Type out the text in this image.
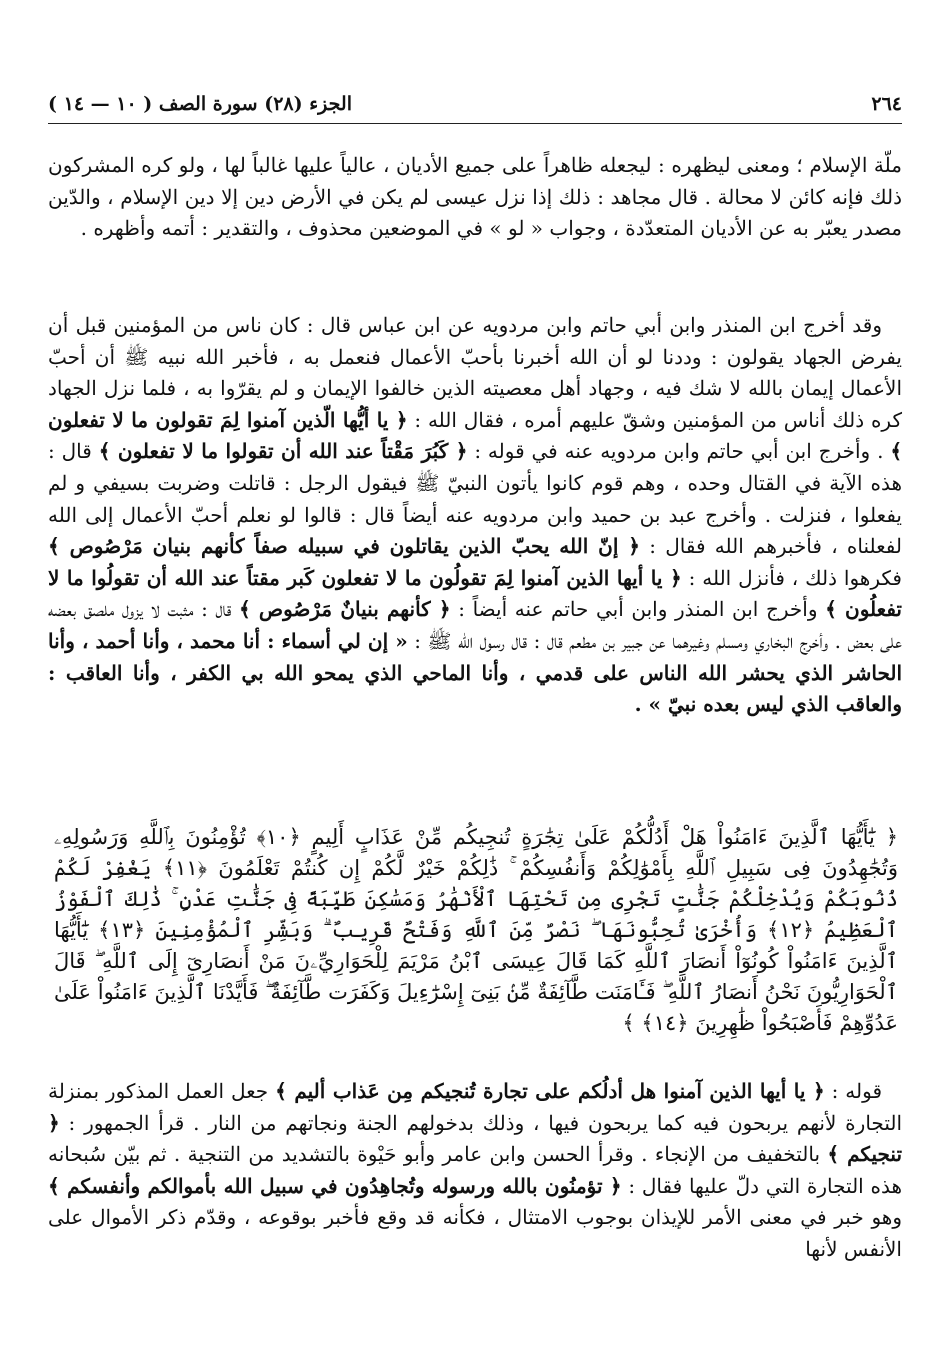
٢٦٤
الجزء (٢٨) سورة الصف ( ١٠ — ١٤ )

ملّة الإسلام ؛ ومعنى ليظهره : ليجعله ظاهراً على جميع الأديان ، عالياً عليها غالباً لها ، ولو كره المشركون ذلك فإنه كائن لا محالة . قال مجاهد : ذلك إذا نزل عيسى لم يكن في الأرض دين إلا دين الإسلام ، والدّين مصدر يعبّر به عن الأديان المتعدّدة ، وجواب « لو » في الموضعين محذوف ، والتقدير : أتمه وأظهره .

 وقد أخرج ابن المنذر وابن أبي حاتم وابن مردويه عن ابن عباس قال : كان ناس من المؤمنين قبل أن يفرض الجهاد يقولون : وددنا لو أن الله أخبرنا بأحبّ الأعمال فنعمل به ، فأخبر الله نبيه ﷺ أن أحبّ الأعمال إيمان بالله لا شك فيه ، وجهاد أهل معصيته الذين خالفوا الإيمان و لم يقرّوا به ، فلما نزل الجهاد كره ذلك أناس من المؤمنين وشقّ عليهم أمره ، فقال الله : ﴿ يا أيُّها الّذين آمنوا لِمَ تقولون ما لا تفعلون ﴾ . وأخرج ابن أبي حاتم وابن مردويه عنه في قوله : ﴿ كَبُرَ مَقْتاً عند الله أن تقولوا ما لا تفعلون ﴾ قال : هذه الآية في القتال وحده ، وهم قوم كانوا يأتون النبيّ ﷺ فيقول الرجل : قاتلت وضربت بسيفي و لم يفعلوا ، فنزلت . وأخرج عبد بن حميد وابن مردويه عنه أيضاً قال : قالوا لو نعلم أحبّ الأعمال إلى الله لفعلناه ، فأخبرهم الله فقال : ﴿ إنّ الله يحبّ الذين يقاتلون في سبيله صفاً كأنهم بنيان مَرْصُوص ﴾ فكرهوا ذلك ، فأنزل الله : ﴿ يا أيها الذين آمنوا لِمَ تقولُون ما لا تفعلون كَبر مقتاً عند الله أن تقولُوا ما لا تفعلُون ﴾ وأخرج ابن المنذر وابن أبي حاتم عنه أيضاً : ﴿ كأنهم بنيانٌ مَرْصُوص ﴾ قال : مثبت لا يزول ملصق بعضه على بعض . وأخرج البخاري ومسلم وغيرهما عن جبير بن مطعم قال : قال رسول الله ﷺ : « إن لي أسماء : أنا محمد ، وأنا أحمد ، وأنا الحاشر الذي يحشر الله الناس على قدمي ، وأنا الماحي الذي يمحو الله بي الكفر ، وأنا العاقب : والعاقب الذي ليس بعده نبيّ » .

﴿ يَٰٓأَيُّهَا ٱلَّذِينَ ءَامَنُواْ هَلْ أَدُلُّكُمْ عَلَىٰ تِجَٰرَةٍ تُنجِيكُم مِّنْ عَذَابٍ أَلِيمٍ ﴿١٠﴾ تُؤْمِنُونَ بِٱللَّهِ وَرَسُولِهِۦ وَتُجَٰهِدُونَ فِى سَبِيلِ ٱللَّهِ بِأَمْوَٰلِكُمْ وَأَنفُسِكُمْ ۚ ذَٰلِكُمْ خَيْرٌ لَّكُمْ إِن كُنتُمْ تَعْلَمُونَ ﴿١١﴾ يَغْفِرْ لَكُمْ ذُنُوبَكُمْ وَيُدْخِلْكُمْ جَنَّٰتٍ تَجْرِى مِن تَحْتِهَا ٱلْأَنْهَٰرُ وَمَسَٰكِنَ طَيِّبَةً فِى جَنَّٰتِ عَدْنٍ ۚ ذَٰلِكَ ٱلْفَوْزُ ٱلْعَظِيمُ ﴿١٢﴾ وَأُخْرَىٰ تُحِبُّونَهَا ۖ نَصْرٌ مِّنَ ٱللَّهِ وَفَتْحٌ قَرِيبٌ ۗ وَبَشِّرِ ٱلْمُؤْمِنِينَ ﴿١٣﴾ يَٰٓأَيُّهَا ٱلَّذِينَ ءَامَنُواْ كُونُوٓاْ أَنصَارَ ٱللَّهِ كَمَا قَالَ عِيسَى ٱبْنُ مَرْيَمَ لِلْحَوَارِيِّۦنَ مَنْ أَنصَارِىٓ إِلَى ٱللَّهِ ۖ قَالَ ٱلْحَوَارِيُّونَ نَحْنُ أَنصَارُ ٱللَّهِ ۖ فَـَٔامَنَت طَّآئِفَةٌ مِّنۢ بَنِىٓ إِسْرَٰٓءِيلَ وَكَفَرَت طَّآئِفَةٌ ۖ فَأَيَّدْنَا ٱلَّذِينَ ءَامَنُواْ عَلَىٰ عَدُوِّهِمْ فَأَصْبَحُواْ ظَٰهِرِينَ ﴿١٤﴾ ﴾

 قوله : ﴿ يا أيها الذين آمنوا هل أدلُكم على تجارة تُنجيكم مِن عَذاب أليم ﴾ جعل العمل المذكور بمنزلة التجارة لأنهم يربحون فيه كما يربحون فيها ، وذلك بدخولهم الجنة ونجاتهم من النار . قرأ الجمهور : ﴿ تنجيكم ﴾ بالتخفيف من الإنجاء . وقرأ الحسن وابن عامر وأبو حَيْوة بالتشديد من التنجية . ثم بيّن سُبحانه هذه التجارة التي دلّ عليها فقال : ﴿ تؤمنُون بالله ورسوله وتُجاهِدُون في سبيل الله بأموالكم وأنفسكم ﴾ وهو خبر في معنى الأمر للإيذان بوجوب الامتثال ، فكأنه قد وقع فأخبر بوقوعه ، وقدّم ذكر الأموال على الأنفس لأنها
